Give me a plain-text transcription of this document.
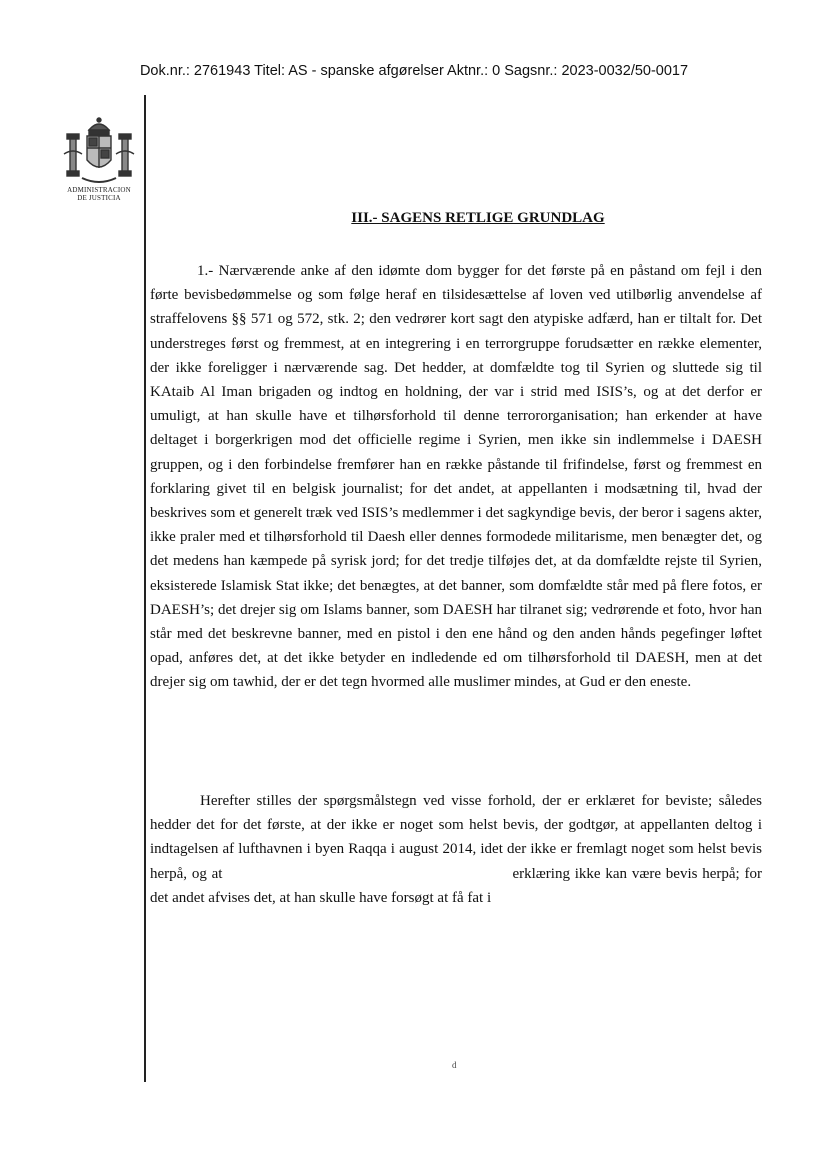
Dok.nr.: 2761943 Titel: AS - spanske afgørelser Aktnr.: 0 Sagsnr.: 2023-0032/50-0017
ADMINISTRACION
DE JUSTICIA
III.- SAGENS RETLIGE GRUNDLAG
1.- Nærværende anke af den idømte dom bygger for det første på en påstand om fejl i den førte bevisbedømmelse og som følge heraf en tilsidesættelse af loven ved utilbørlig anvendelse af straffelovens §§ 571 og 572, stk. 2; den vedrører kort sagt den atypiske adfærd, han er tiltalt for. Det understreges først og fremmest, at en integrering i en terrorgruppe forudsætter en række elementer, der ikke foreligger i nærværende sag. Det hedder, at domfældte tog til Syrien og sluttede sig til KAtaib Al Iman brigaden og indtog en holdning, der var i strid med ISIS’s, og at det derfor er umuligt, at han skulle have et tilhørsforhold til denne terrororganisation; han erkender at have deltaget i borgerkrigen mod det officielle regime i Syrien, men ikke sin indlemmelse i DAESH gruppen, og i den forbindelse fremfører han en række påstande til frifindelse, først og fremmest en forklaring givet til en belgisk journalist; for det andet, at appellanten i modsætning til, hvad der beskrives som et generelt træk ved ISIS’s medlemmer i det sagkyndige bevis, der beror i sagens akter, ikke praler med et tilhørsforhold til Daesh eller dennes formodede militarisme, men benægter det, og det medens han kæmpede på syrisk jord; for det tredje tilføjes det, at da domfældte rejste til Syrien, eksisterede Islamisk Stat ikke; det benægtes, at det banner, som domfældte står med på flere fotos, er DAESH’s; det drejer sig om Islams banner, som DAESH har tilranet sig; vedrørende et foto, hvor han står med det beskrevne banner, med en pistol i den ene hånd og den anden hånds pegefinger løftet opad, anføres det, at det ikke betyder en indledende ed om tilhørsforhold til DAESH, men at det drejer sig om tawhid, der er det tegn hvormed alle muslimer mindes, at Gud er den eneste.
Herefter stilles der spørgsmålstegn ved visse forhold, der er erklæret for beviste; således hedder det for det første, at der ikke er noget som helst bevis, der godtgør, at appellanten deltog i indtagelsen af lufthavnen i byen Raqqa i august 2014, idet der ikke er fremlagt noget som helst bevis herpå, og at	erklæring ikke kan være bevis herpå; for det andet afvises det, at han skulle have forsøgt at få fat i
d
